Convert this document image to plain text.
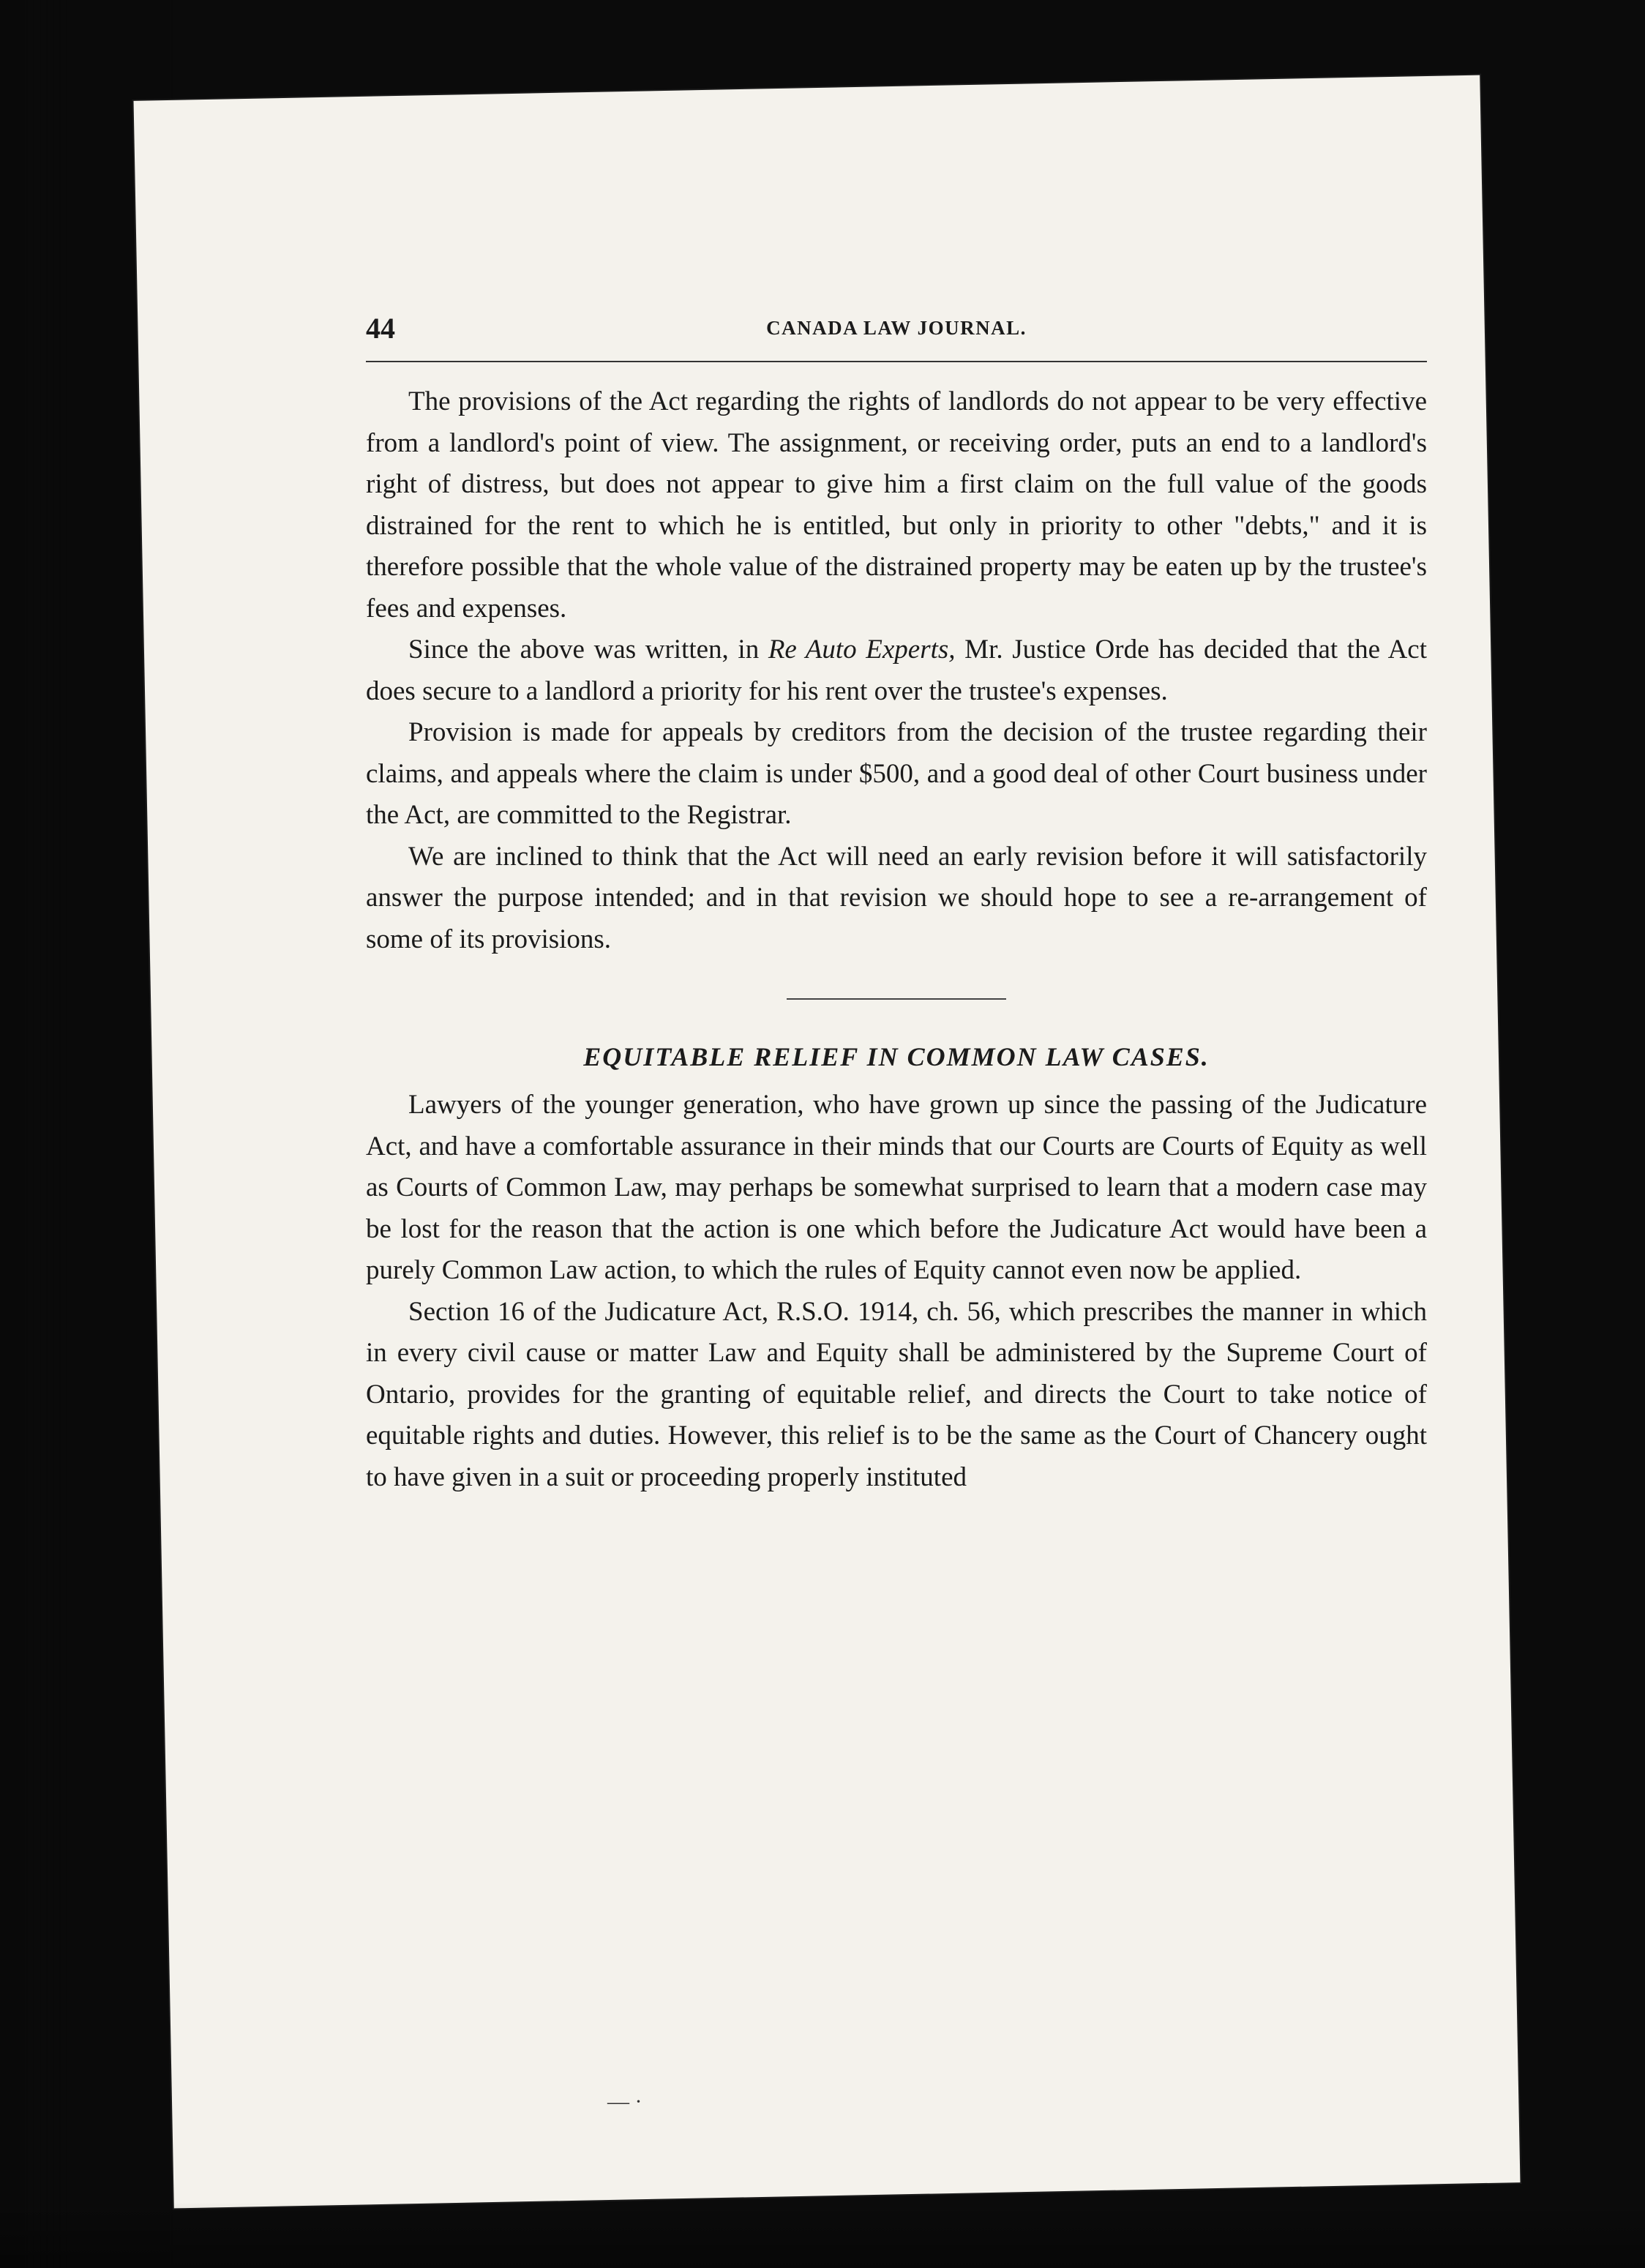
44	CANADA LAW JOURNAL.

The provisions of the Act regarding the rights of landlords do not appear to be very effective from a landlord's point of view. The assignment, or receiving order, puts an end to a landlord's right of distress, but does not appear to give him a first claim on the full value of the goods distrained for the rent to which he is entitled, but only in priority to other "debts," and it is therefore possible that the whole value of the distrained property may be eaten up by the trustee's fees and expenses.

Since the above was written, in Re Auto Experts, Mr. Justice Orde has decided that the Act does secure to a landlord a priority for his rent over the trustee's expenses.

Provision is made for appeals by creditors from the decision of the trustee regarding their claims, and appeals where the claim is under $500, and a good deal of other Court business under the Act, are committed to the Registrar.

We are inclined to think that the Act will need an early revision before it will satisfactorily answer the purpose intended; and in that revision we should hope to see a re-arrangement of some of its provisions.

EQUITABLE RELIEF IN COMMON LAW CASES.

Lawyers of the younger generation, who have grown up since the passing of the Judicature Act, and have a comfortable assurance in their minds that our Courts are Courts of Equity as well as Courts of Common Law, may perhaps be somewhat surprised to learn that a modern case may be lost for the reason that the action is one which before the Judicature Act would have been a purely Common Law action, to which the rules of Equity cannot even now be applied.

Section 16 of the Judicature Act, R.S.O. 1914, ch. 56, which prescribes the manner in which in every civil cause or matter Law and Equity shall be administered by the Supreme Court of Ontario, provides for the granting of equitable relief, and directs the Court to take notice of equitable rights and duties. However, this relief is to be the same as the Court of Chancery ought to have given in a suit or proceeding properly instituted

— ·
